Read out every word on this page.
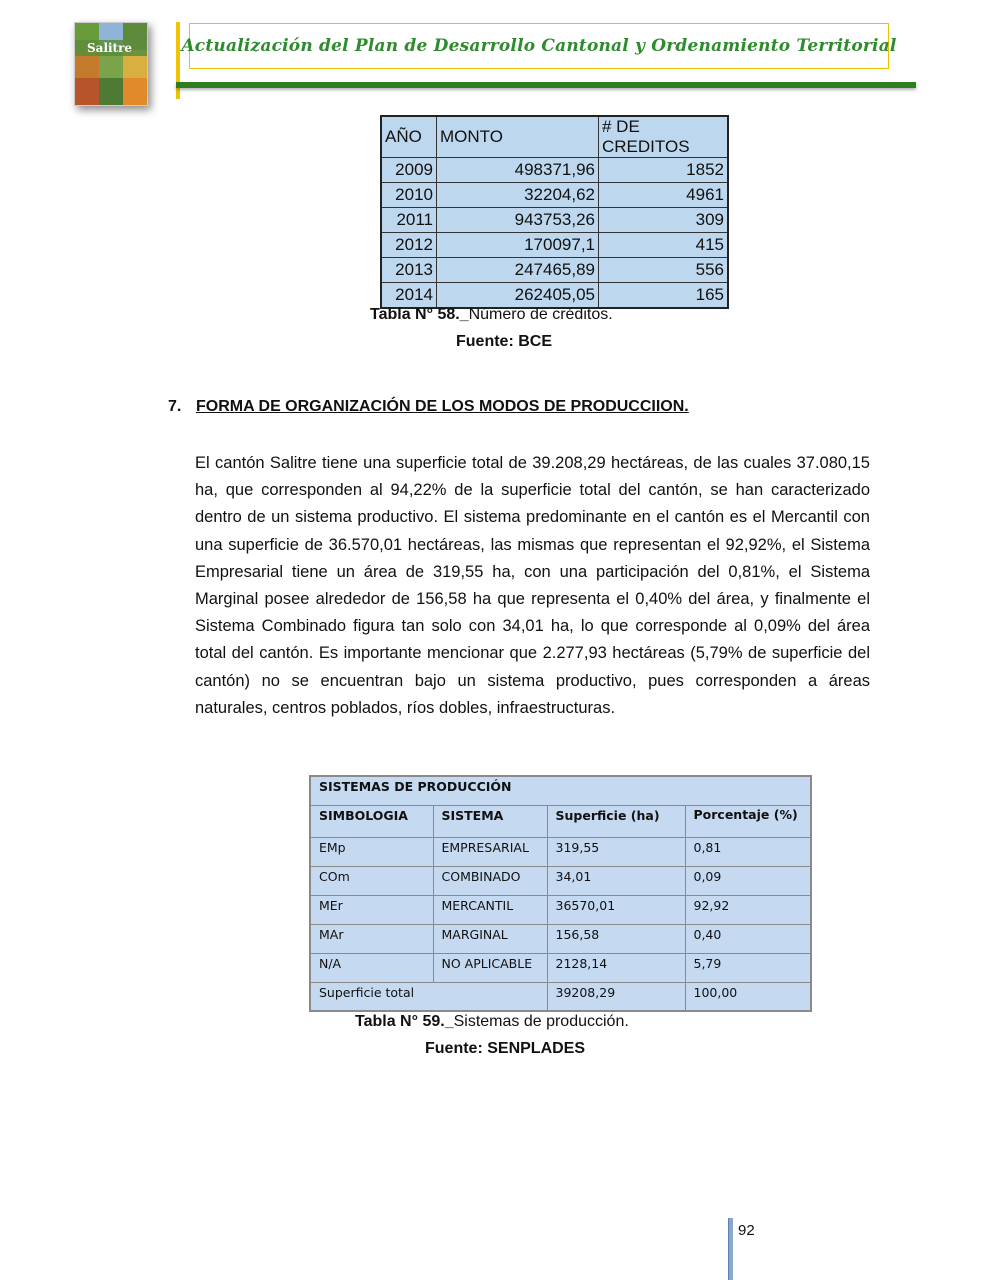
Salitre	Actualización del Plan de Desarrollo Cantonal y Ordenamiento Territorial
AÑO	MONTO	# DE CREDITOS
2009	498371,96	1852
2010	32204,62	4961
2011	943753,26	309
2012	170097,1	415
2013	247465,89	556
2014	262405,05	165
Tabla N° 58._Número de créditos.
Fuente: BCE
7. FORMA DE ORGANIZACIÓN DE LOS MODOS DE PRODUCCIION.
El cantón Salitre tiene una superficie total de 39.208,29 hectáreas, de las cuales 37.080,15 ha, que corresponden al 94,22% de la superficie total del cantón, se han caracterizado dentro de un sistema productivo. El sistema predominante en el cantón es el Mercantil con una superficie de 36.570,01 hectáreas, las mismas que representan el 92,92%, el Sistema Empresarial tiene un área de 319,55 ha, con una participación del 0,81%, el Sistema Marginal posee alrededor de 156,58 ha que representa el 0,40% del área, y finalmente el Sistema Combinado figura tan solo con 34,01 ha, lo que corresponde al 0,09% del área total del cantón. Es importante mencionar que 2.277,93 hectáreas (5,79% de superficie del cantón) no se encuentran bajo un sistema productivo, pues corresponden a áreas naturales, centros poblados, ríos dobles, infraestructuras.
SISTEMAS DE PRODUCCIÓN			
SIMBOLOGIA	SISTEMA	Superficie (ha)	Porcentaje (%)
EMp	EMPRESARIAL	319,55	0,81
COm	COMBINADO	34,01	0,09
MEr	MERCANTIL	36570,01	92,92
MAr	MARGINAL	156,58	0,40
N/A	NO APLICABLE	2128,14	5,79
Superficie total		39208,29	100,00
Tabla N° 59._Sistemas de producción.
Fuente: SENPLADES
92
